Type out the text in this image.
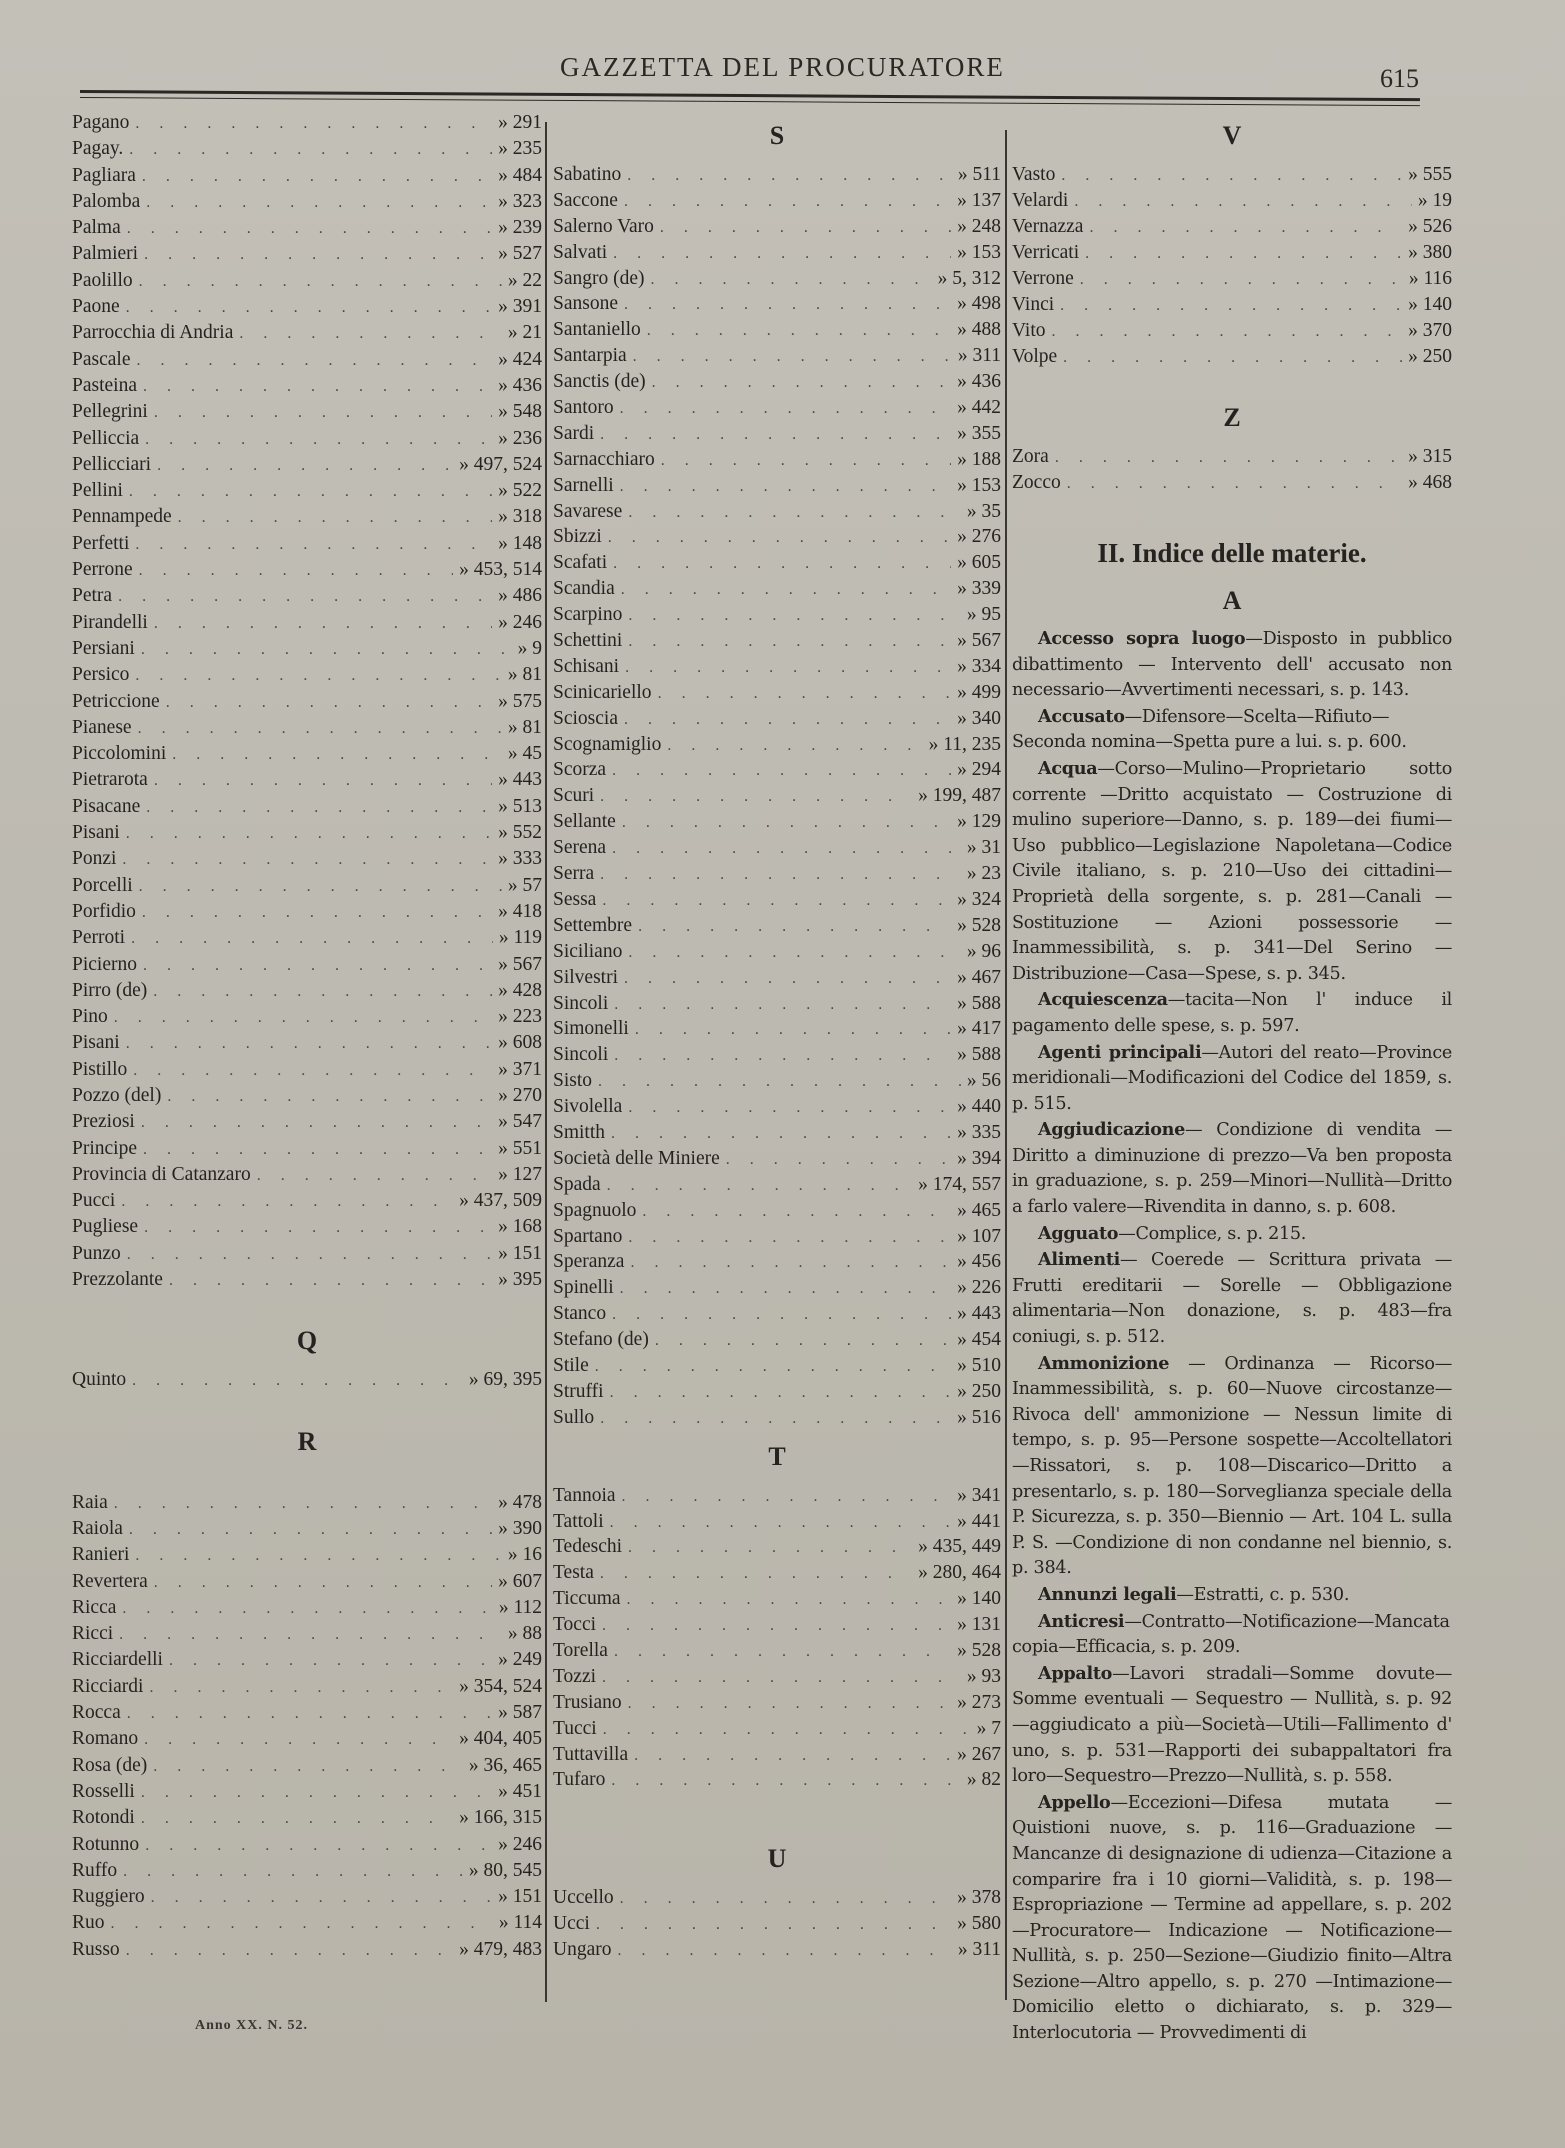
GAZZETTA DEL PROCURATORE	615
Pagano . . .	» 291
Pagay. . . .	» 235
Pagliara . . .	» 484
Palomba . . .	» 323
Palma . . .	» 239
Palmieri . . .	» 527
Paolillo . . .	» 22
Paone . . .	» 391
Parrocchia di Andria . . .	» 21
Pascale . . .	» 424
Pasteina . . .	» 436
Pellegrini . . .	» 548
Pelliccia . . .	» 236
Pellicciari . . .	» 497, 524
Pellini . . .	» 522
Pennampede . . .	» 318
Perfetti . . .	» 148
Perrone . . .	» 453, 514
Petra . . .	» 486
Pirandelli . . .	» 246
Persiani . . .	» 9
Persico . . .	» 81
Petriccione . . .	» 575
Pianese . . .	» 81
Piccolomini . . .	» 45
Pietrarota . . .	» 443
Pisacane . . .	» 513
Pisani . . .	» 552
Ponzi . . .	» 333
Porcelli . . .	» 57
Porfidio . . .	» 418
Perroti . . .	» 119
Picierno . . .	» 567
Pirro (de) . . .	» 428
Pino . . .	» 223
Pisani . . .	» 608
Pistillo . . .	» 371
Pozzo (del) . . .	» 270
Preziosi . . .	» 547
Principe . . .	» 551
Provincia di Catanzaro . . .	» 127
Pucci . . .	» 437, 509
Pugliese . . .	» 168
Punzo . . .	» 151
Prezzolante . . .	» 395
Q
Quinto . . .	» 69, 395
R
Raia . . .	» 478
Raiola . . .	» 390
Ranieri . . .	» 16
Revertera . . .	» 607
Ricca . . .	» 112
Ricci . . .	» 88
Ricciardelli . . .	» 249
Ricciardi . . .	» 354, 524
Rocca . . .	» 587
Romano . . .	» 404, 405
Rosa (de) . . .	» 36, 465
Rosselli . . .	» 451
Rotondi . . .	» 166, 315
Rotunno . . .	» 246
Ruffo . . .	» 80, 545
Ruggiero . . .	» 151
Ruo . . .	» 114
Russo . . .	» 479, 483
S
Sabatino . . .	» 511
Saccone . . .	» 137
Salerno Varo . . .	» 248
Salvati . . .	» 153
Sangro (de) . . .	» 5, 312
Sansone . . .	» 498
Santaniello . . .	» 488
Santarpia . . .	» 311
Sanctis (de) . . .	» 436
Santoro . . .	» 442
Sardi . . .	» 355
Sarnacchiaro . . .	» 188
Sarnelli . . .	» 153
Savarese . . .	» 35
Sbizzi . . .	» 276
Scafati . . .	» 605
Scandia . . .	» 339
Scarpino . . .	» 95
Schettini . . .	» 567
Schisani . . .	» 334
Scinicariello . . .	» 499
Scioscia . . .	» 340
Scognamiglio . . .	» 11, 235
Scorza . . .	» 294
Scuri . . .	» 199, 487
Sellante . . .	» 129
Serena . . .	» 31
Serra . . .	» 23
Sessa . . .	» 324
Settembre . . .	» 528
Siciliano . . .	» 96
Silvestri . . .	» 467
Sincoli . . .	» 588
Simonelli . . .	» 417
Sincoli . . .	» 588
Sisto . . .	» 56
Sivolella . . .	» 440
Smitth . . .	» 335
Società delle Miniere . . .	» 394
Spada . . .	» 174, 557
Spagnuolo . . .	» 465
Spartano . . .	» 107
Speranza . . .	» 456
Spinelli . . .	» 226
Stanco . . .	» 443
Stefano (de) . . .	» 454
Stile . . .	» 510
Struffi . . .	» 250
Sullo . . .	» 516
T
Tannoia . . .	» 341
Tattoli . . .	» 441
Tedeschi . . .	» 435, 449
Testa . . .	» 280, 464
Ticcuma . . .	» 140
Tocci . . .	» 131
Torella . . .	» 528
Tozzi . . .	» 93
Trusiano . . .	» 273
Tucci . . .	» 7
Tuttavilla . . .	» 267
Tufaro . . .	» 82
U
Uccello . . .	» 378
Ucci . . .	» 580
Ungaro . . .	» 311
V
Vasto . . .	» 555
Velardi . . .	» 19
Vernazza . . .	» 526
Verricati . . .	» 380
Verrone . . .	» 116
Vinci . . .	» 140
Vito . . .	» 370
Volpe . . .	» 250
Z
Zora . . .	» 315
Zocco . . .	» 468
II. Indice delle materie.
A

Accesso sopra luogo—Disposto in pubblico dibattimento — Intervento dell' accusato non necessario—Avvertimenti necessari, s. p. 143.

Accusato—Difensore—Scelta—Rifiuto—Seconda nomina—Spetta pure a lui. s. p. 600.

Acqua—Corso—Mulino—Proprietario sotto corrente —Dritto acquistato — Costruzione di mulino superiore—Danno, s. p. 189—dei fiumi—Uso pubblico—Legislazione Napoletana—Codice Civile italiano, s. p. 210—Uso dei cittadini—Proprietà della sorgente, s. p. 281—Canali — Sostituzione — Azioni possessorie — Inammessibilità, s. p. 341—Del Serino — Distribuzione—Casa—Spese, s. p. 345.

Acquiescenza—tacita—Non l' induce il pagamento delle spese, s. p. 597.

Agenti principali—Autori del reato—Province meridionali—Modificazioni del Codice del 1859, s. p. 515.

Aggiudicazione— Condizione di vendita — Diritto a diminuzione di prezzo—Va ben proposta in graduazione, s. p. 259—Minori—Nullità—Dritto a farlo valere—Rivendita in danno, s. p. 608.

Agguato—Complice, s. p. 215.

Alimenti— Coerede — Scrittura privata — Frutti ereditarii — Sorelle — Obbligazione alimentaria—Non donazione, s. p. 483—fra coniugi, s. p. 512.

Ammonizione — Ordinanza — Ricorso— Inammessibilità, s. p. 60—Nuove circostanze—Rivoca dell' ammonizione — Nessun limite di tempo, s. p. 95—Persone sospette—Accoltellatori—Rissatori, s. p. 108—Discarico—Dritto a presentarlo, s. p. 180—Sorveglianza speciale della P. Sicurezza, s. p. 350—Biennio — Art. 104 L. sulla P. S. —Condizione di non condanne nel biennio, s. p. 384.

Annunzi legali—Estratti, c. p. 530.

Anticresi—Contratto—Notificazione—Mancata copia—Efficacia, s. p. 209.

Appalto—Lavori stradali—Somme dovute—Somme eventuali — Sequestro — Nullità, s. p. 92—aggiudicato a più—Società—Utili—Fallimento d' uno, s. p. 531—Rapporti dei subappaltatori fra loro—Sequestro—Prezzo—Nullità, s. p. 558.

Appello—Eccezioni—Difesa mutata — Quistioni nuove, s. p. 116—Graduazione — Mancanze di designazione di udienza—Citazione a comparire fra i 10 giorni—Validità, s. p. 198—Espropriazione — Termine ad appellare, s. p. 202—Procuratore— Indicazione — Notificazione—Nullità, s. p. 250—Sezione—Giudizio finito—Altra Sezione—Altro appello, s. p. 270 —Intimazione—Domicilio eletto o dichiarato, s. p. 329—Interlocutoria — Provvedimenti di

Anno XX. N. 52.
